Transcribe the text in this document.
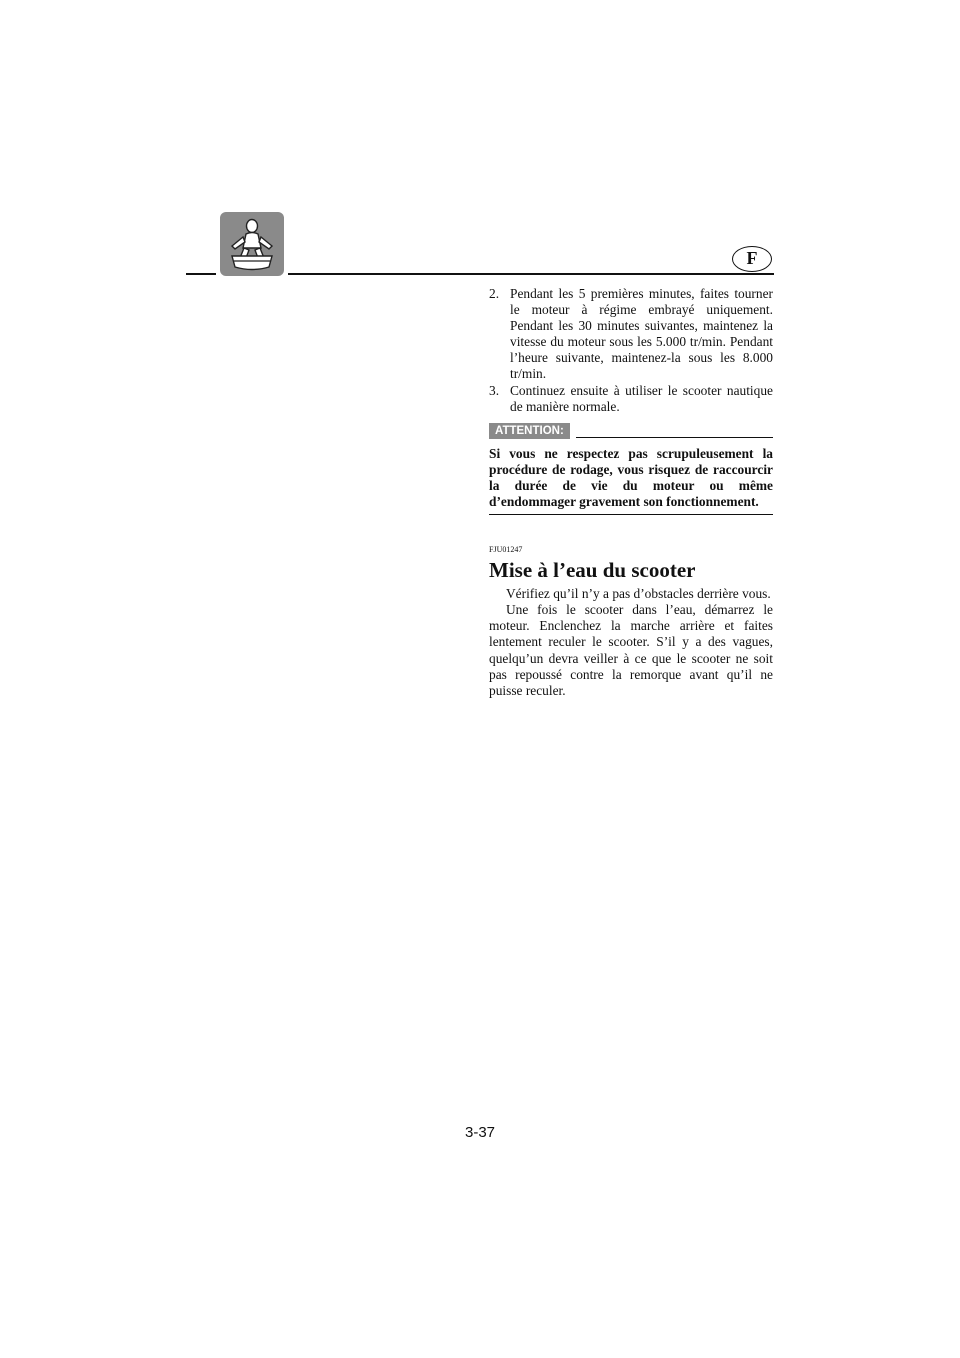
F
2. Pendant les 5 premières minutes, faites tourner le moteur à régime embrayé uniquement. Pendant les 30 minutes suivantes, maintenez la vitesse du moteur sous les 5.000 tr/min. Pendant l’heure suivante, maintenez-la sous les 8.000 tr/min.
3. Continuez ensuite à utiliser le scooter nautique de manière normale.
ATTENTION:
Si vous ne respectez pas scrupuleusement la procédure de rodage, vous risquez de raccourcir la durée de vie du moteur ou même d’endommager gravement son fonctionnement.
FJU01247
Mise à l’eau du scooter
Vérifiez qu’il n’y a pas d’obstacles derrière vous.
Une fois le scooter dans l’eau, démarrez le moteur. Enclenchez la marche arrière et faites lentement reculer le scooter. S’il y a des vagues, quelqu’un devra veiller à ce que le scooter ne soit pas repoussé contre la remorque avant qu’il ne puisse reculer.
3-37
